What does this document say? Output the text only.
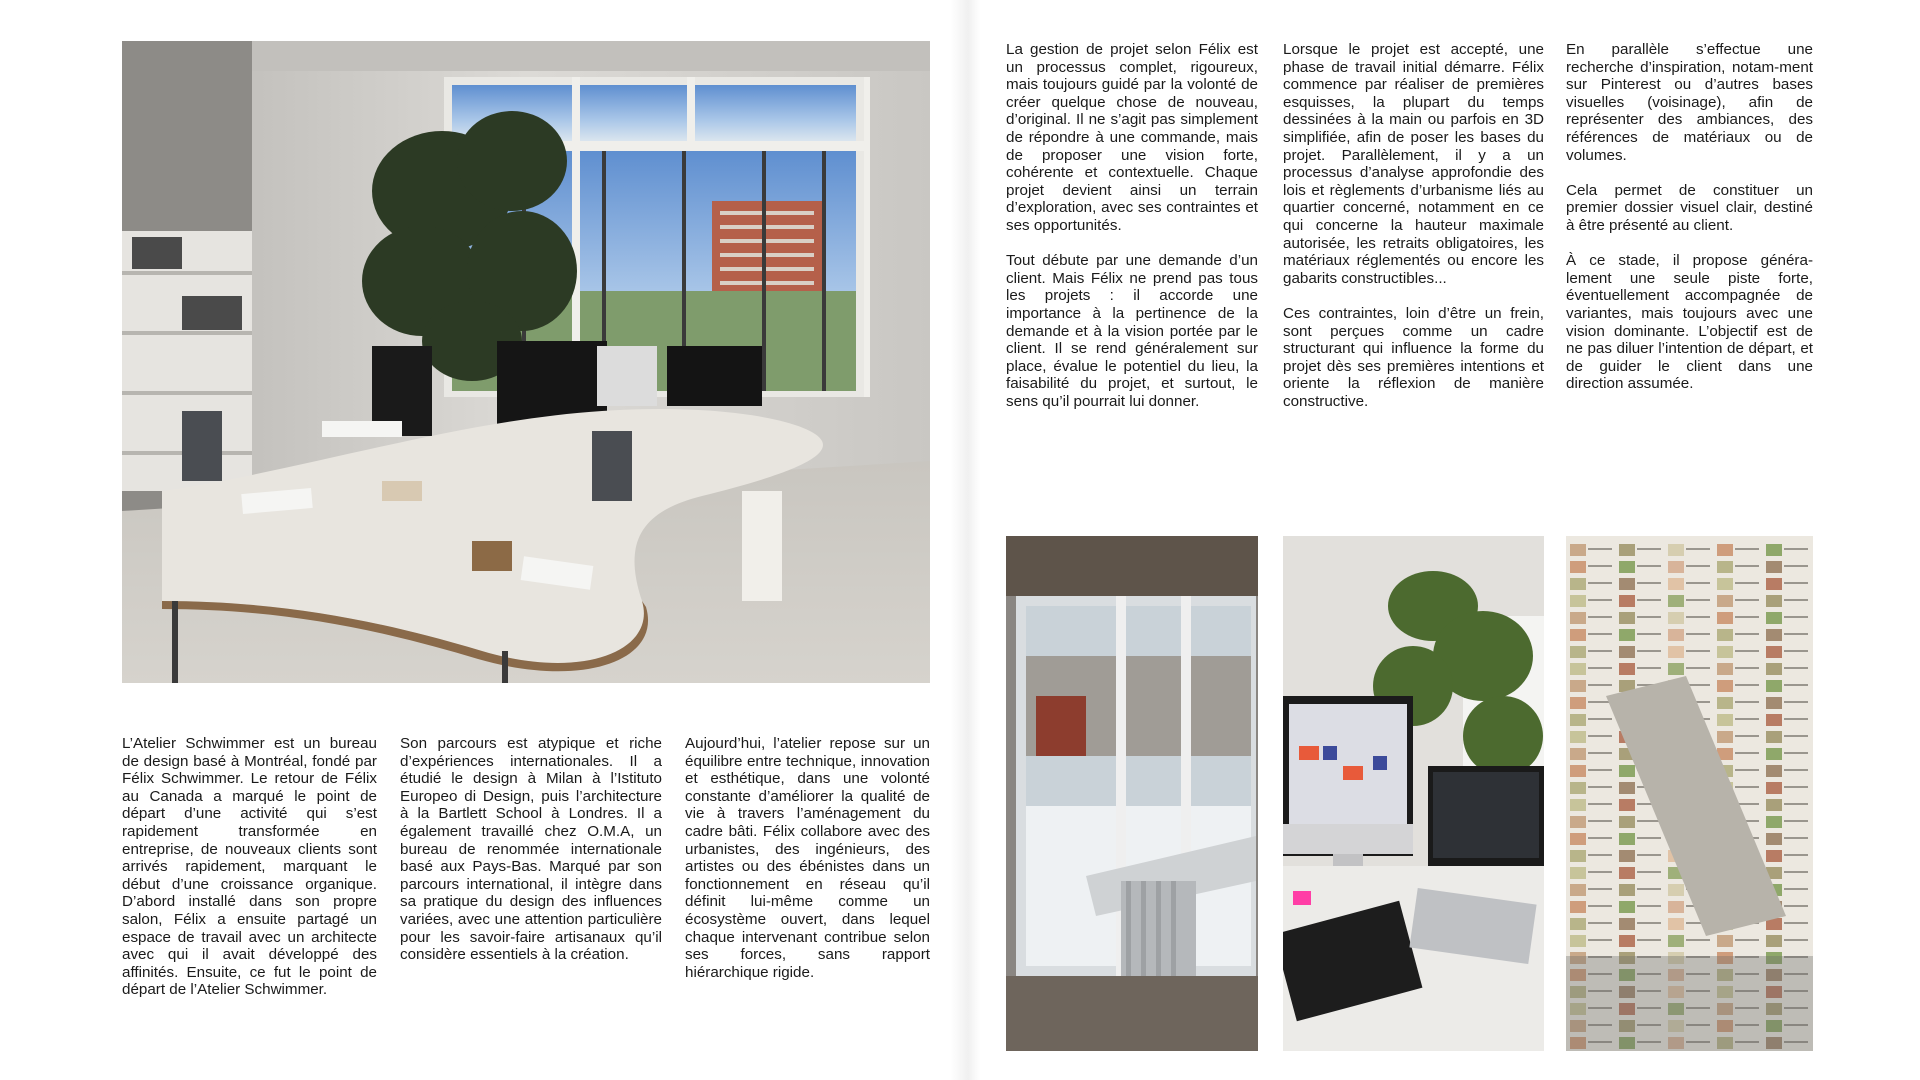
L’Atelier Schwimmer est un bureau de design basé à Montréal, fondé par Félix Schwimmer. Le retour de Félix au Canada a marqué le point de départ d’une activité qui s’est rapidement transformée en entreprise, de nouveaux clients sont arrivés rapidement, marquant le début d’une croissance organique. D’abord installé dans son propre salon, Félix a ensuite partagé un espace de travail avec un architecte avec qui il avait développé des affinités. Ensuite, ce fut le point de départ de l’Atelier Schwimmer.

Son parcours est atypique et riche d’expériences internationales. Il a étudié le design à Milan à l’Istituto Europeo di Design, puis l’architecture à la Bartlett School à Londres. Il a également travaillé chez O.M.A, un bureau de renommée internationale basé aux Pays-Bas. Marqué par son parcours international, il intègre dans sa pratique du design des influences variées, avec une attention particulière pour les savoir-faire artisanaux qu’il considère essentiels à la création.

Aujourd’hui, l’atelier repose sur un équilibre entre technique, innovation et esthétique, dans une volonté constante d’améliorer la qualité de vie à travers l’aménagement du cadre bâti. Félix collabore avec des urbanistes, des ingénieurs, des artistes ou des ébénistes dans un fonctionnement en réseau qu’il définit lui-même comme un écosystème ouvert, dans lequel chaque intervenant contribue selon ses forces, sans rapport hiérarchique rigide.

La gestion de projet selon Félix est un processus complet, rigoureux, mais toujours guidé par la volonté de créer quelque chose de nouveau, d’original. Il ne s’agit pas simplement de répondre à une commande, mais de proposer une vision forte, cohérente et contextuelle. Chaque projet devient ainsi un terrain d’exploration, avec ses contraintes et ses opportunités.

Tout débute par une demande d’un client. Mais Félix ne prend pas tous les projets : il accorde une importance à la pertinence de la demande et à la vision portée par le client. Il se rend généralement sur place, évalue le potentiel du lieu, la faisabilité du projet, et surtout, le sens qu’il pourrait lui donner.

Lorsque le projet est accepté, une phase de travail initial démarre. Félix commence par réaliser de premières esquisses, la plupart du temps dessinées à la main ou parfois en 3D simplifiée, afin de poser les bases du projet. Parallèlement, il y a un processus d’analyse approfondie des lois et règlements d’urbanisme liés au quartier concerné, notamment en ce qui concerne la hauteur maximale autorisée, les retraits obligatoires, les matériaux réglementés ou encore les gabarits constructibles...

Ces contraintes, loin d’être un frein, sont perçues comme un cadre structurant qui influence la forme du projet dès ses premières intentions et oriente la réflexion de manière constructive.

En parallèle s’effectue une recherche d’inspiration, notam-ment sur Pinterest ou d’autres bases visuelles (voisinage), afin de représenter des ambiances, des références de matériaux ou de volumes.

Cela permet de constituer un premier dossier visuel clair, destiné à être présenté au client.

À ce stade, il propose généra-lement une seule piste forte, éventuellement accompagnée de variantes, mais toujours avec une vision dominante. L’objectif est de ne pas diluer l’intention de départ, et de guider le client dans une direction assumée.
